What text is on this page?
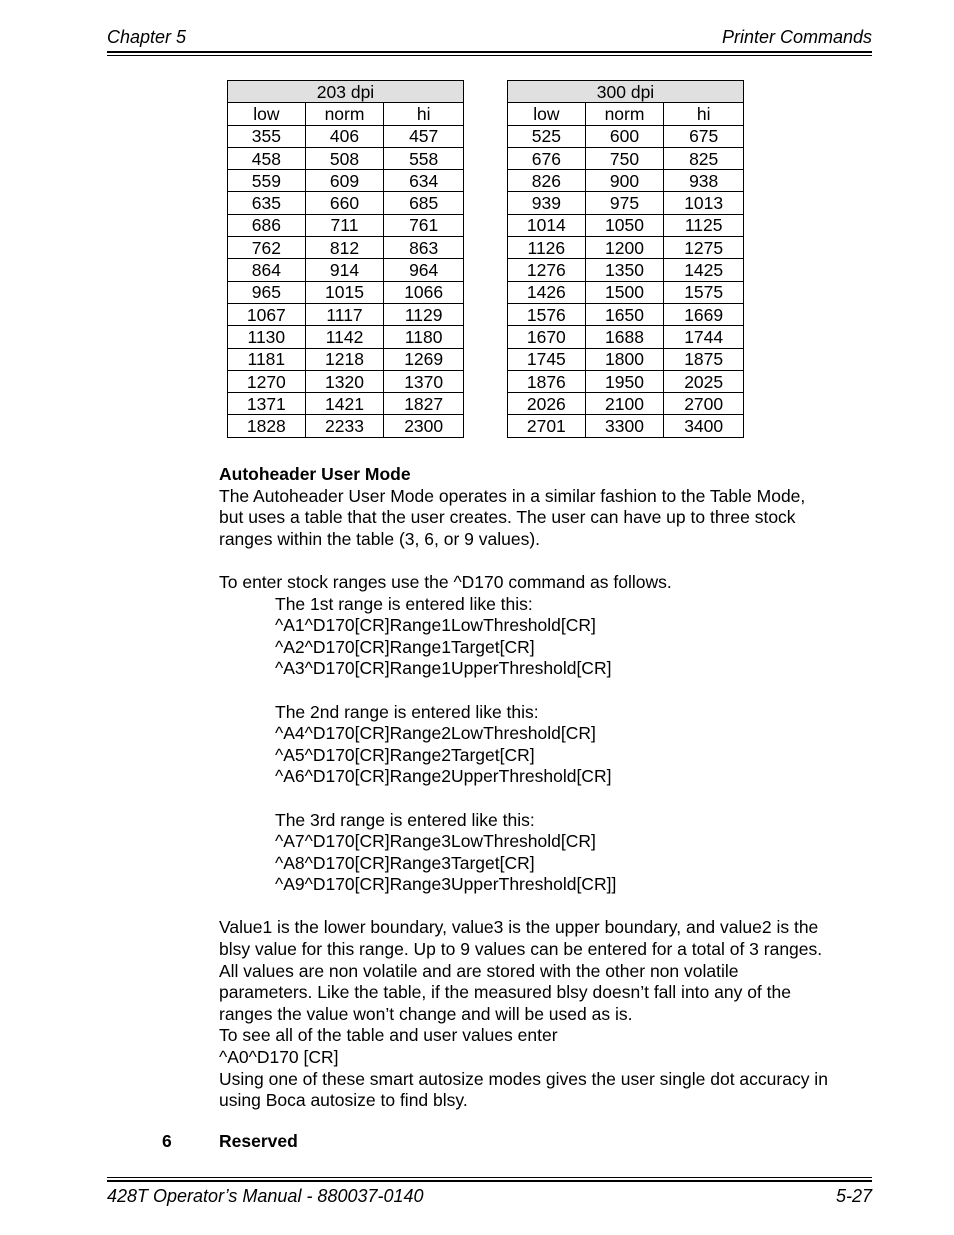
Chapter 5	Printer Commands
203 dpi		
low	norm	hi
355	406	457
458	508	558
559	609	634
635	660	685
686	711	761
762	812	863
864	914	964
965	1015	1066
1067	1117	1129
1130	1142	1180
1181	1218	1269
1270	1320	1370
1371	1421	1827
1828	2233	2300
300 dpi		
low	norm	hi
525	600	675
676	750	825
826	900	938
939	975	1013
1014	1050	1125
1126	1200	1275
1276	1350	1425
1426	1500	1575
1576	1650	1669
1670	1688	1744
1745	1800	1875
1876	1950	2025
2026	2100	2700
2701	3300	3400

Autoheader User Mode

The Autoheader User Mode operates in a similar fashion to the Table Mode,

but uses a table that the user creates. The user can have up to three stock

ranges within the table (3, 6, or 9 values).

To enter stock ranges use the ^D170 command as follows.

The 1st range is entered like this:

^A1^D170[CR]Range1LowThreshold[CR]

^A2^D170[CR]Range1Target[CR]

^A3^D170[CR]Range1UpperThreshold[CR]

The 2nd range is entered like this:

^A4^D170[CR]Range2LowThreshold[CR]

^A5^D170[CR]Range2Target[CR]

^A6^D170[CR]Range2UpperThreshold[CR]

The 3rd range is entered like this:

^A7^D170[CR]Range3LowThreshold[CR]

^A8^D170[CR]Range3Target[CR]

^A9^D170[CR]Range3UpperThreshold[CR]]

Value1 is the lower boundary, value3 is the upper boundary, and value2 is the

blsy value for this range. Up to 9 values can be entered for a total of 3 ranges.

All values are non volatile and are stored with the other non volatile

parameters. Like the table, if the measured blsy doesn’t fall into any of the

ranges the value won’t change and will be used as is.

To see all of the table and user values enter

^A0^D170 [CR]

Using one of these smart autosize modes gives the user single dot accuracy in

using Boca autosize to find blsy.

6	Reserved
428T Operator’s Manual - 880037-0140	5-27
